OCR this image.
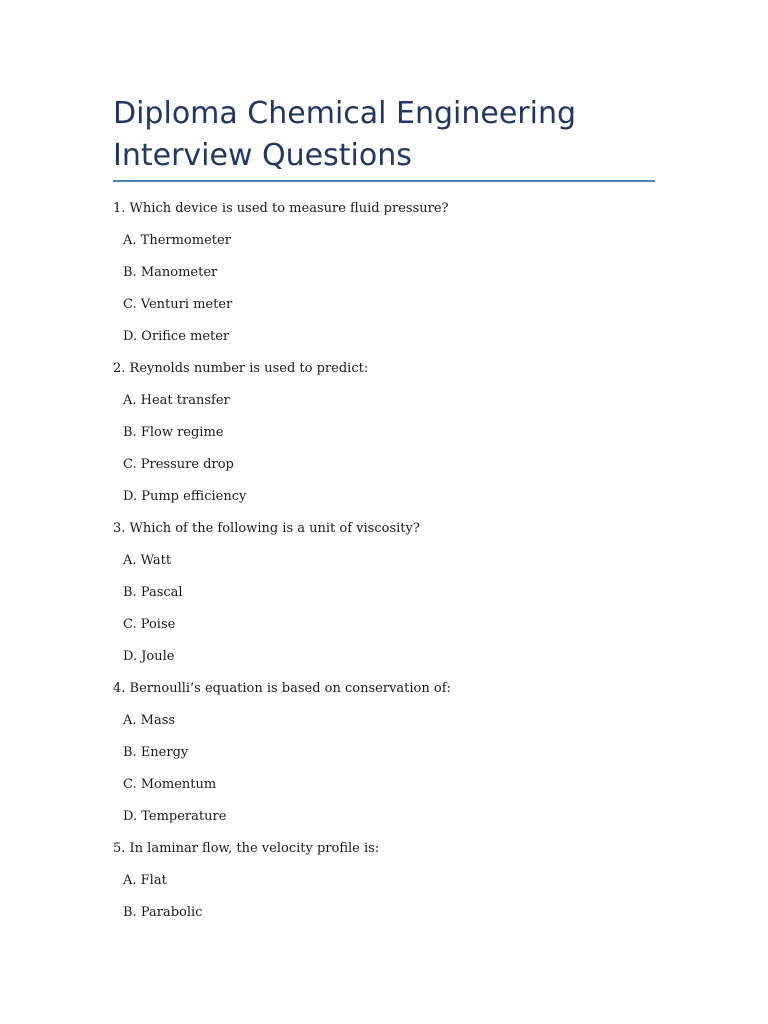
Diploma Chemical Engineering Interview Questions

1. Which device is used to measure fluid pressure?

A. Thermometer

B. Manometer

C. Venturi meter

D. Orifice meter

2. Reynolds number is used to predict:

A. Heat transfer

B. Flow regime

C. Pressure drop

D. Pump efficiency

3. Which of the following is a unit of viscosity?

A. Watt

B. Pascal

C. Poise

D. Joule

4. Bernoulli’s equation is based on conservation of:

A. Mass

B. Energy

C. Momentum

D. Temperature

5. In laminar flow, the velocity profile is:

A. Flat

B. Parabolic
